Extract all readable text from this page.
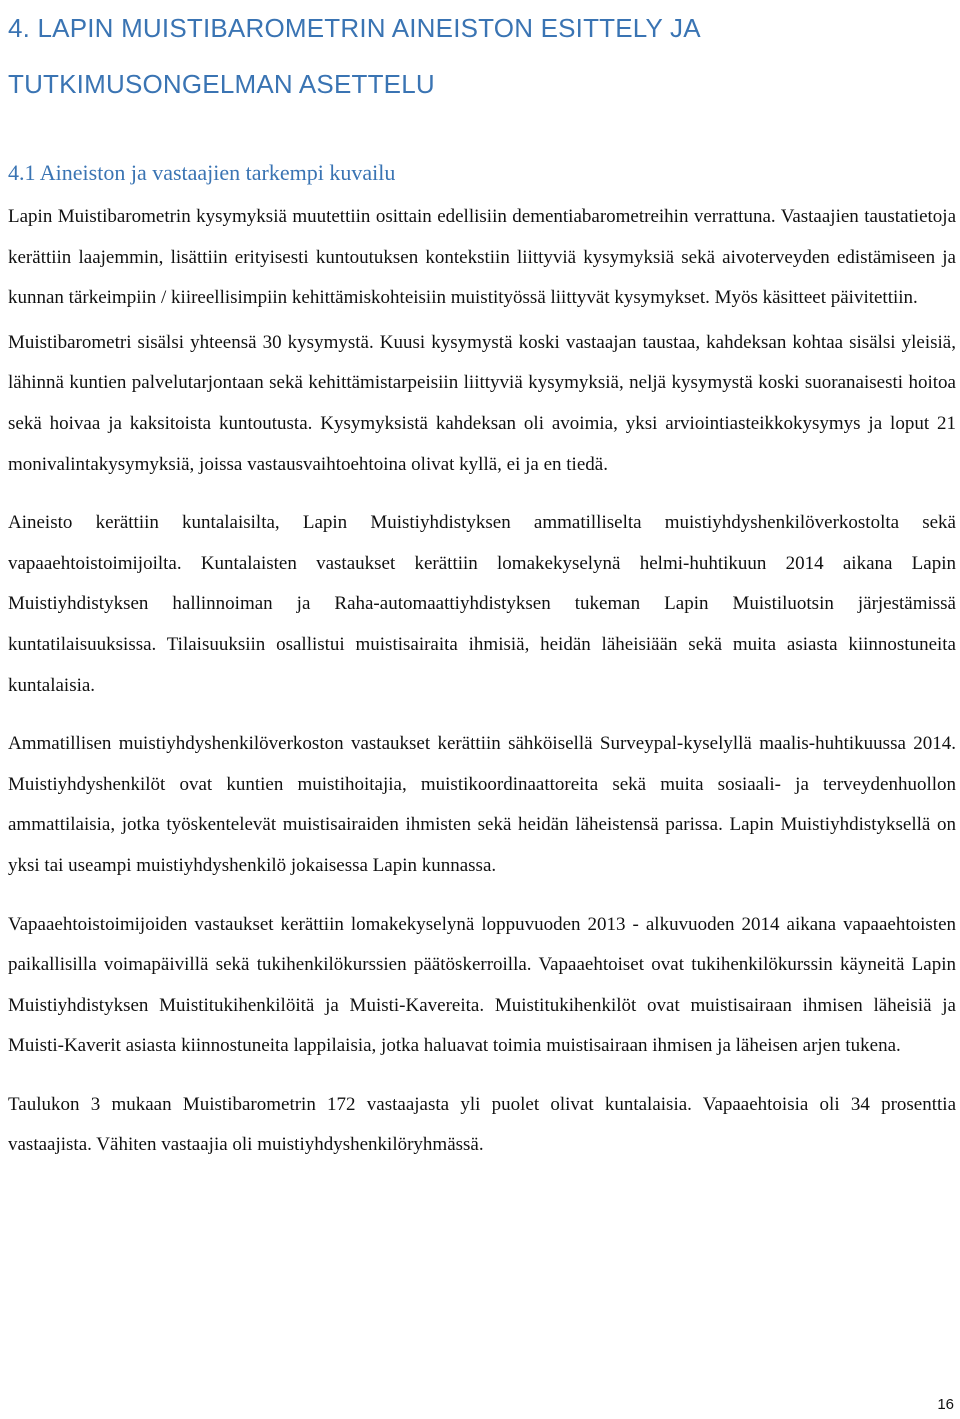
4. LAPIN MUISTIBAROMETRIN AINEISTON ESITTELY JA
TUTKIMUSONGELMAN ASETTELU
4.1 Aineiston ja vastaajien tarkempi kuvailu

Lapin Muistibarometrin kysymyksiä muutettiin osittain edellisiin dementiabarometreihin verrattuna. Vastaajien taustatietoja kerättiin laajemmin, lisättiin erityisesti kuntoutuksen kontekstiin liittyviä kysymyksiä sekä aivoterveyden edistämiseen ja kunnan tärkeimpiin / kiireellisimpiin kehittämiskohteisiin muistityössä liittyvät kysymykset. Myös käsitteet päivitettiin.

Muistibarometri sisälsi yhteensä 30 kysymystä. Kuusi kysymystä koski vastaajan taustaa, kahdeksan kohtaa sisälsi yleisiä, lähinnä kuntien palvelutarjontaan sekä kehittämistarpeisiin liittyviä kysymyksiä, neljä kysymystä koski suoranaisesti hoitoa sekä hoivaa ja kaksitoista kuntoutusta. Kysymyksistä kahdeksan oli avoimia, yksi arviointiasteikkokysymys ja loput 21 monivalintakysymyksiä, joissa vastausvaihtoehtoina olivat kyllä, ei ja en tiedä.

Aineisto kerättiin kuntalaisilta, Lapin Muistiyhdistyksen ammatilliselta muistiyhdyshenkilöverkostolta sekä vapaaehtoistoimijoilta. Kuntalaisten vastaukset kerättiin lomakekyselynä helmi-huhtikuun 2014 aikana Lapin Muistiyhdistyksen hallinnoiman ja Raha-automaattiyhdistyksen tukeman Lapin Muistiluotsin järjestämissä kuntatilaisuuksissa. Tilaisuuksiin osallistui muistisairaita ihmisiä, heidän läheisiään sekä muita asiasta kiinnostuneita kuntalaisia.

Ammatillisen muistiyhdyshenkilöverkoston vastaukset kerättiin sähköisellä Surveypal-kyselyllä maalis-huhtikuussa 2014. Muistiyhdyshenkilöt ovat kuntien muistihoitajia, muistikoordinaattoreita sekä muita sosiaali- ja terveydenhuollon ammattilaisia, jotka työskentelevät muistisairaiden ihmisten sekä heidän läheistensä parissa. Lapin Muistiyhdistyksellä on yksi tai useampi muistiyhdyshenkilö jokaisessa Lapin kunnassa.

Vapaaehtoistoimijoiden vastaukset kerättiin lomakekyselynä loppuvuoden 2013 - alkuvuoden 2014 aikana vapaaehtoisten paikallisilla voimapäivillä sekä tukihenkilökurssien päätöskerroilla. Vapaaehtoiset ovat tukihenkilökurssin käyneitä Lapin Muistiyhdistyksen Muistitukihenkilöitä ja Muisti-Kavereita. Muistitukihenkilöt ovat muistisairaan ihmisen läheisiä ja Muisti-Kaverit asiasta kiinnostuneita lappilaisia, jotka haluavat toimia muistisairaan ihmisen ja läheisen arjen tukena.

Taulukon 3 mukaan Muistibarometrin 172 vastaajasta yli puolet olivat kuntalaisia. Vapaaehtoisia oli 34 prosenttia vastaajista. Vähiten vastaajia oli muistiyhdyshenkilöryhmässä.

16
